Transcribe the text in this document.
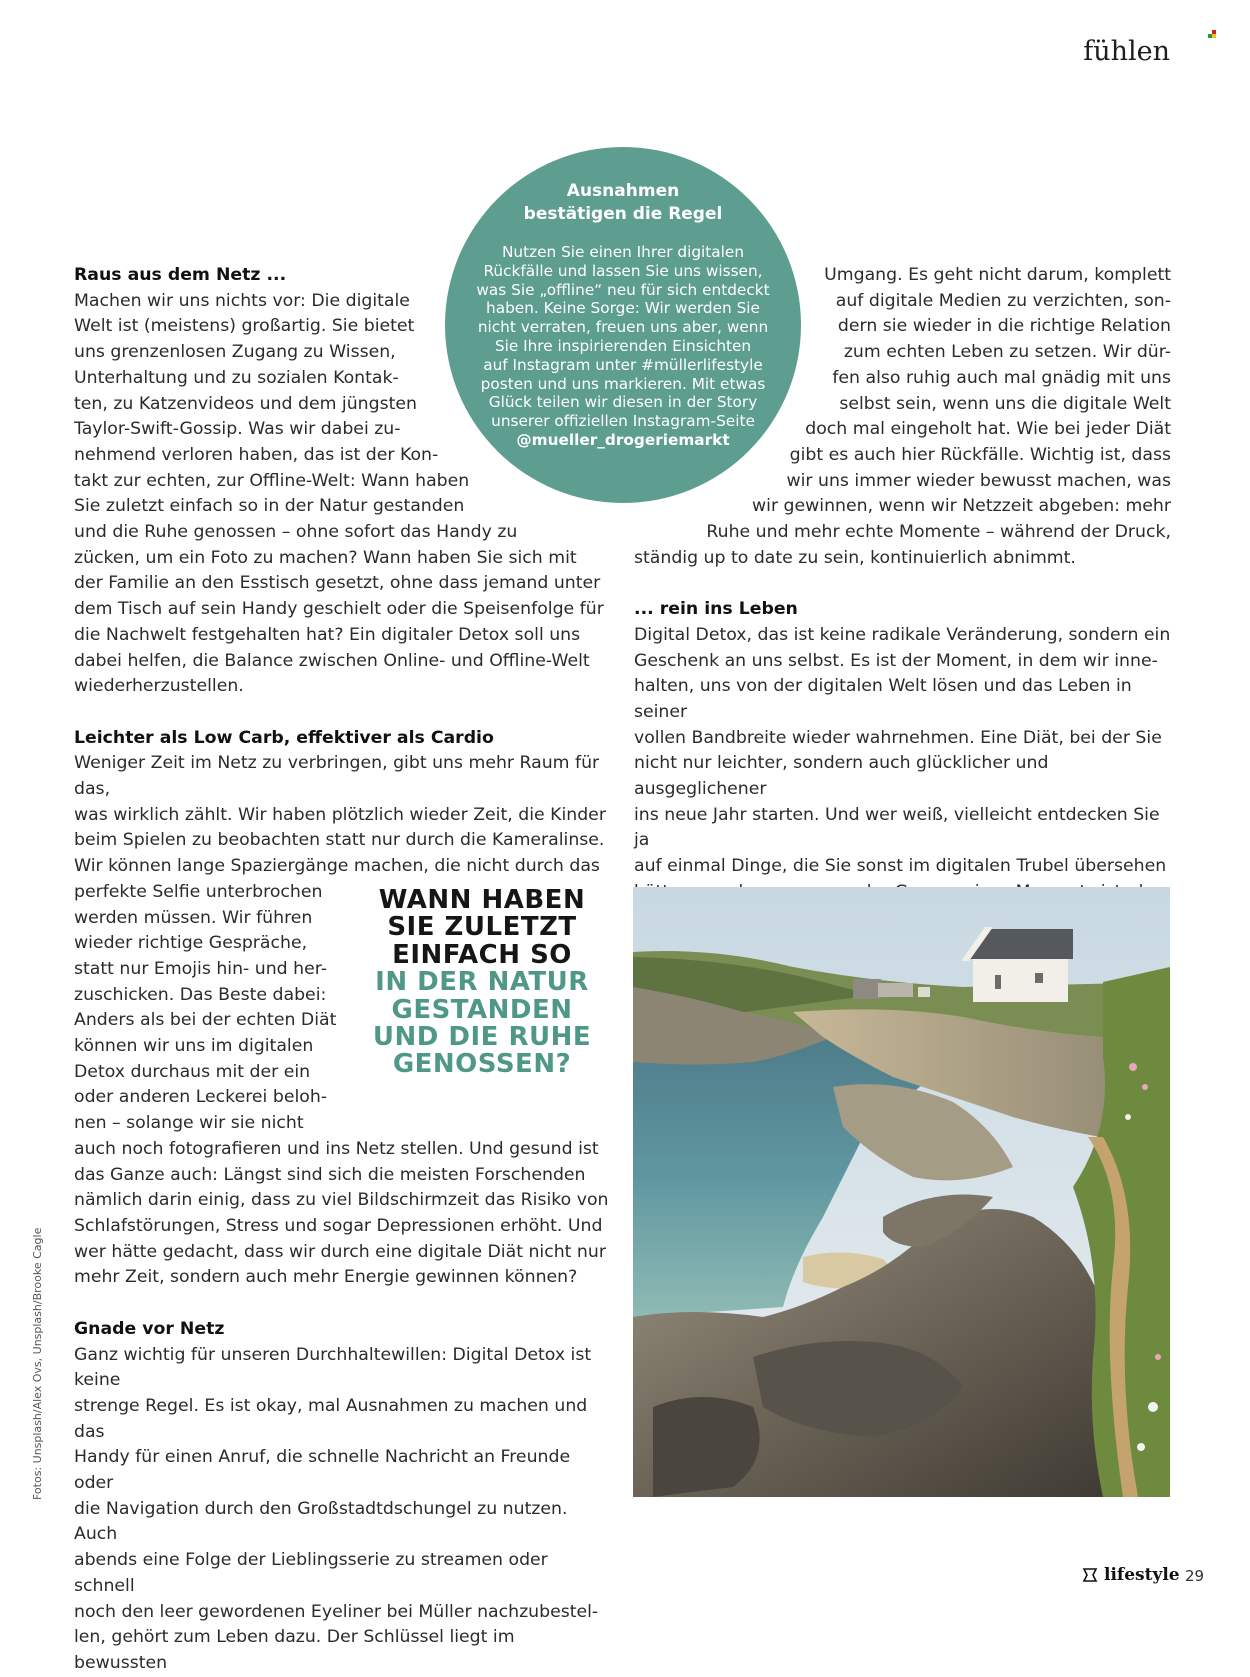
fühlen

Raus aus dem Netz ...

Machen wir uns nichts vor: Die digitale

Welt ist (meistens) großartig. Sie bietet

uns grenzenlosen Zugang zu Wissen,

Unterhaltung und zu sozialen Kontak-

ten, zu Katzenvideos und dem jüngsten

Taylor-Swift-Gossip. Was wir dabei zu-

nehmend verloren haben, das ist der Kon-

takt zur echten, zur Offline-Welt: Wann haben

Sie zuletzt einfach so in der Natur gestanden

und die Ruhe genossen – ohne sofort das Handy zu

zücken, um ein Foto zu machen? Wann haben Sie sich mit

der Familie an den Esstisch gesetzt, ohne dass jemand unter

dem Tisch auf sein Handy geschielt oder die Speisenfolge für

die Nachwelt festgehalten hat? Ein digitaler Detox soll uns

dabei helfen, die Balance zwischen Online- und Offline-Welt

wiederherzustellen.

Leichter als Low Carb, effektiver als Cardio

Weniger Zeit im Netz zu verbringen, gibt uns mehr Raum für das,

was wirklich zählt. Wir haben plötzlich wieder Zeit, die Kinder

beim Spielen zu beobachten statt nur durch die Kameralinse.

Wir können lange Spaziergänge machen, die nicht durch das

perfekte Selfie unterbrochen

werden müssen. Wir führen

wieder richtige Gespräche,

statt nur Emojis hin- und her-

zuschicken. Das Beste dabei:

Anders als bei der echten Diät

können wir uns im digitalen

Detox durchaus mit der ein

oder anderen Leckerei beloh-

nen – solange wir sie nicht

auch noch fotografieren und ins Netz stellen. Und gesund ist

das Ganze auch: Längst sind sich die meisten Forschenden

nämlich darin einig, dass zu viel Bildschirmzeit das Risiko von

Schlafstörungen, Stress und sogar Depressionen erhöht. Und

wer hätte gedacht, dass wir durch eine digitale Diät nicht nur

mehr Zeit, sondern auch mehr Energie gewinnen können?

Gnade vor Netz

Ganz wichtig für unseren Durchhaltewillen: Digital Detox ist keine

strenge Regel. Es ist okay, mal Ausnahmen zu machen und das

Handy für einen Anruf, die schnelle Nachricht an Freunde oder

die Navigation durch den Großstadtdschungel zu nutzen. Auch

abends eine Folge der Lieblingsserie zu streamen oder schnell

noch den leer gewordenen Eyeliner bei Müller nachzubestel-

len, gehört zum Leben dazu. Der Schlüssel liegt im bewussten

Umgang. Es geht nicht darum, komplett

auf digitale Medien zu verzichten, son-

dern sie wieder in die richtige Relation

zum echten Leben zu setzen. Wir dür-

fen also ruhig auch mal gnädig mit uns

selbst sein, wenn uns die digitale Welt

doch mal eingeholt hat. Wie bei jeder Diät

gibt es auch hier Rückfälle. Wichtig ist, dass

wir uns immer wieder bewusst machen, was

wir gewinnen, wenn wir Netzzeit abgeben: mehr

Ruhe und mehr echte Momente – während der Druck,

ständig up to date zu sein, kontinuierlich abnimmt.

... rein ins Leben

Digital Detox, das ist keine radikale Veränderung, sondern ein

Geschenk an uns selbst. Es ist der Moment, in dem wir inne-

halten, uns von der digitalen Welt lösen und das Leben in seiner

vollen Bandbreite wieder wahrnehmen. Eine Diät, bei der Sie

nicht nur leichter, sondern auch glücklicher und ausgeglichener

ins neue Jahr starten. Und wer weiß, vielleicht entdecken Sie ja

auf einmal Dinge, die Sie sonst im digitalen Trubel übersehen

Ausnahmen
bestätigen die Regel
Nutzen Sie einen Ihrer digitalen
Rückfälle und lassen Sie uns wissen,
was Sie „offline“ neu für sich entdeckt
haben. Keine Sorge: Wir werden Sie
nicht verraten, freuen uns aber, wenn
Sie Ihre inspirierenden Einsichten
auf Instagram unter #müllerlifestyle
posten und uns markieren. Mit etwas
Glück teilen wir diesen in der Story
unserer offiziellen Instagram-Seite
@mueller_drogeriemarkt
WANN HABEN
SIE ZULETZT
EINFACH SO
IN DER NATUR
GESTANDEN
UND DIE RUHE
GENOSSEN?
Fotos: Unsplash/Alex Ovs, Unsplash/Brooke Cagle
lifestyle 29
